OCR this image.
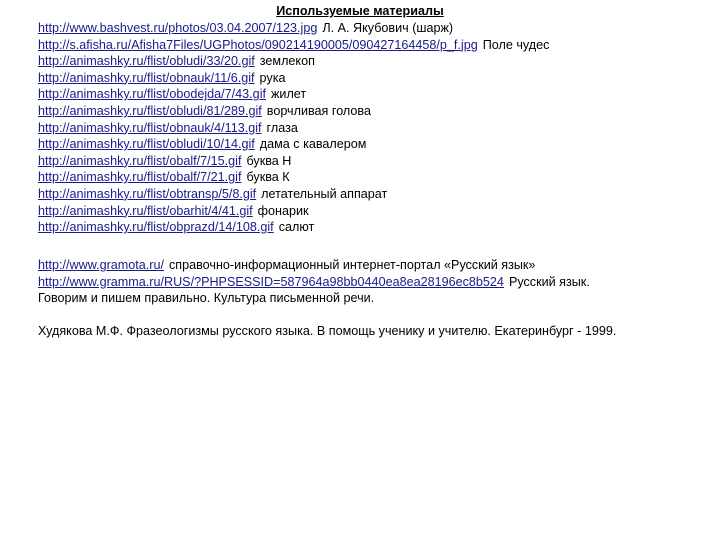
Используемые материалы
http://www.bashvest.ru/photos/03.04.2007/123.jpg Л. А. Якубович (шарж)
http://s.afisha.ru/Afisha7Files/UGPhotos/090214190005/090427164458/p_f.jpg Поле чудес
http://animashky.ru/flist/obludi/33/20.gif землекоп
http://animashky.ru/flist/obnauk/11/6.gif рука
http://animashky.ru/flist/obodejda/7/43.gif жилет
http://animashky.ru/flist/obludi/81/289.gif ворчливая голова
http://animashky.ru/flist/obnauk/4/113.gif глаза
http://animashky.ru/flist/obludi/10/14.gif дама с кавалером
http://animashky.ru/flist/obalf/7/15.gif буква Н
http://animashky.ru/flist/obalf/7/21.gif буква К
http://animashky.ru/flist/obtransp/5/8.gif летательный аппарат
http://animashky.ru/flist/obarhit/4/41.gif фонарик
http://animashky.ru/flist/obprazd/14/108.gif салют
http://www.gramota.ru/ справочно-информационный интернет-портал «Русский язык»
http://www.gramma.ru/RUS/?PHPSESSID=587964a98bb0440ea8ea28196ec8b524 Русский язык.
Говорим и пишем правильно. Культура письменной речи.
Худякова М.Ф. Фразеологизмы русского языка. В помощь ученику и учителю. Екатеринбург - 1999.
